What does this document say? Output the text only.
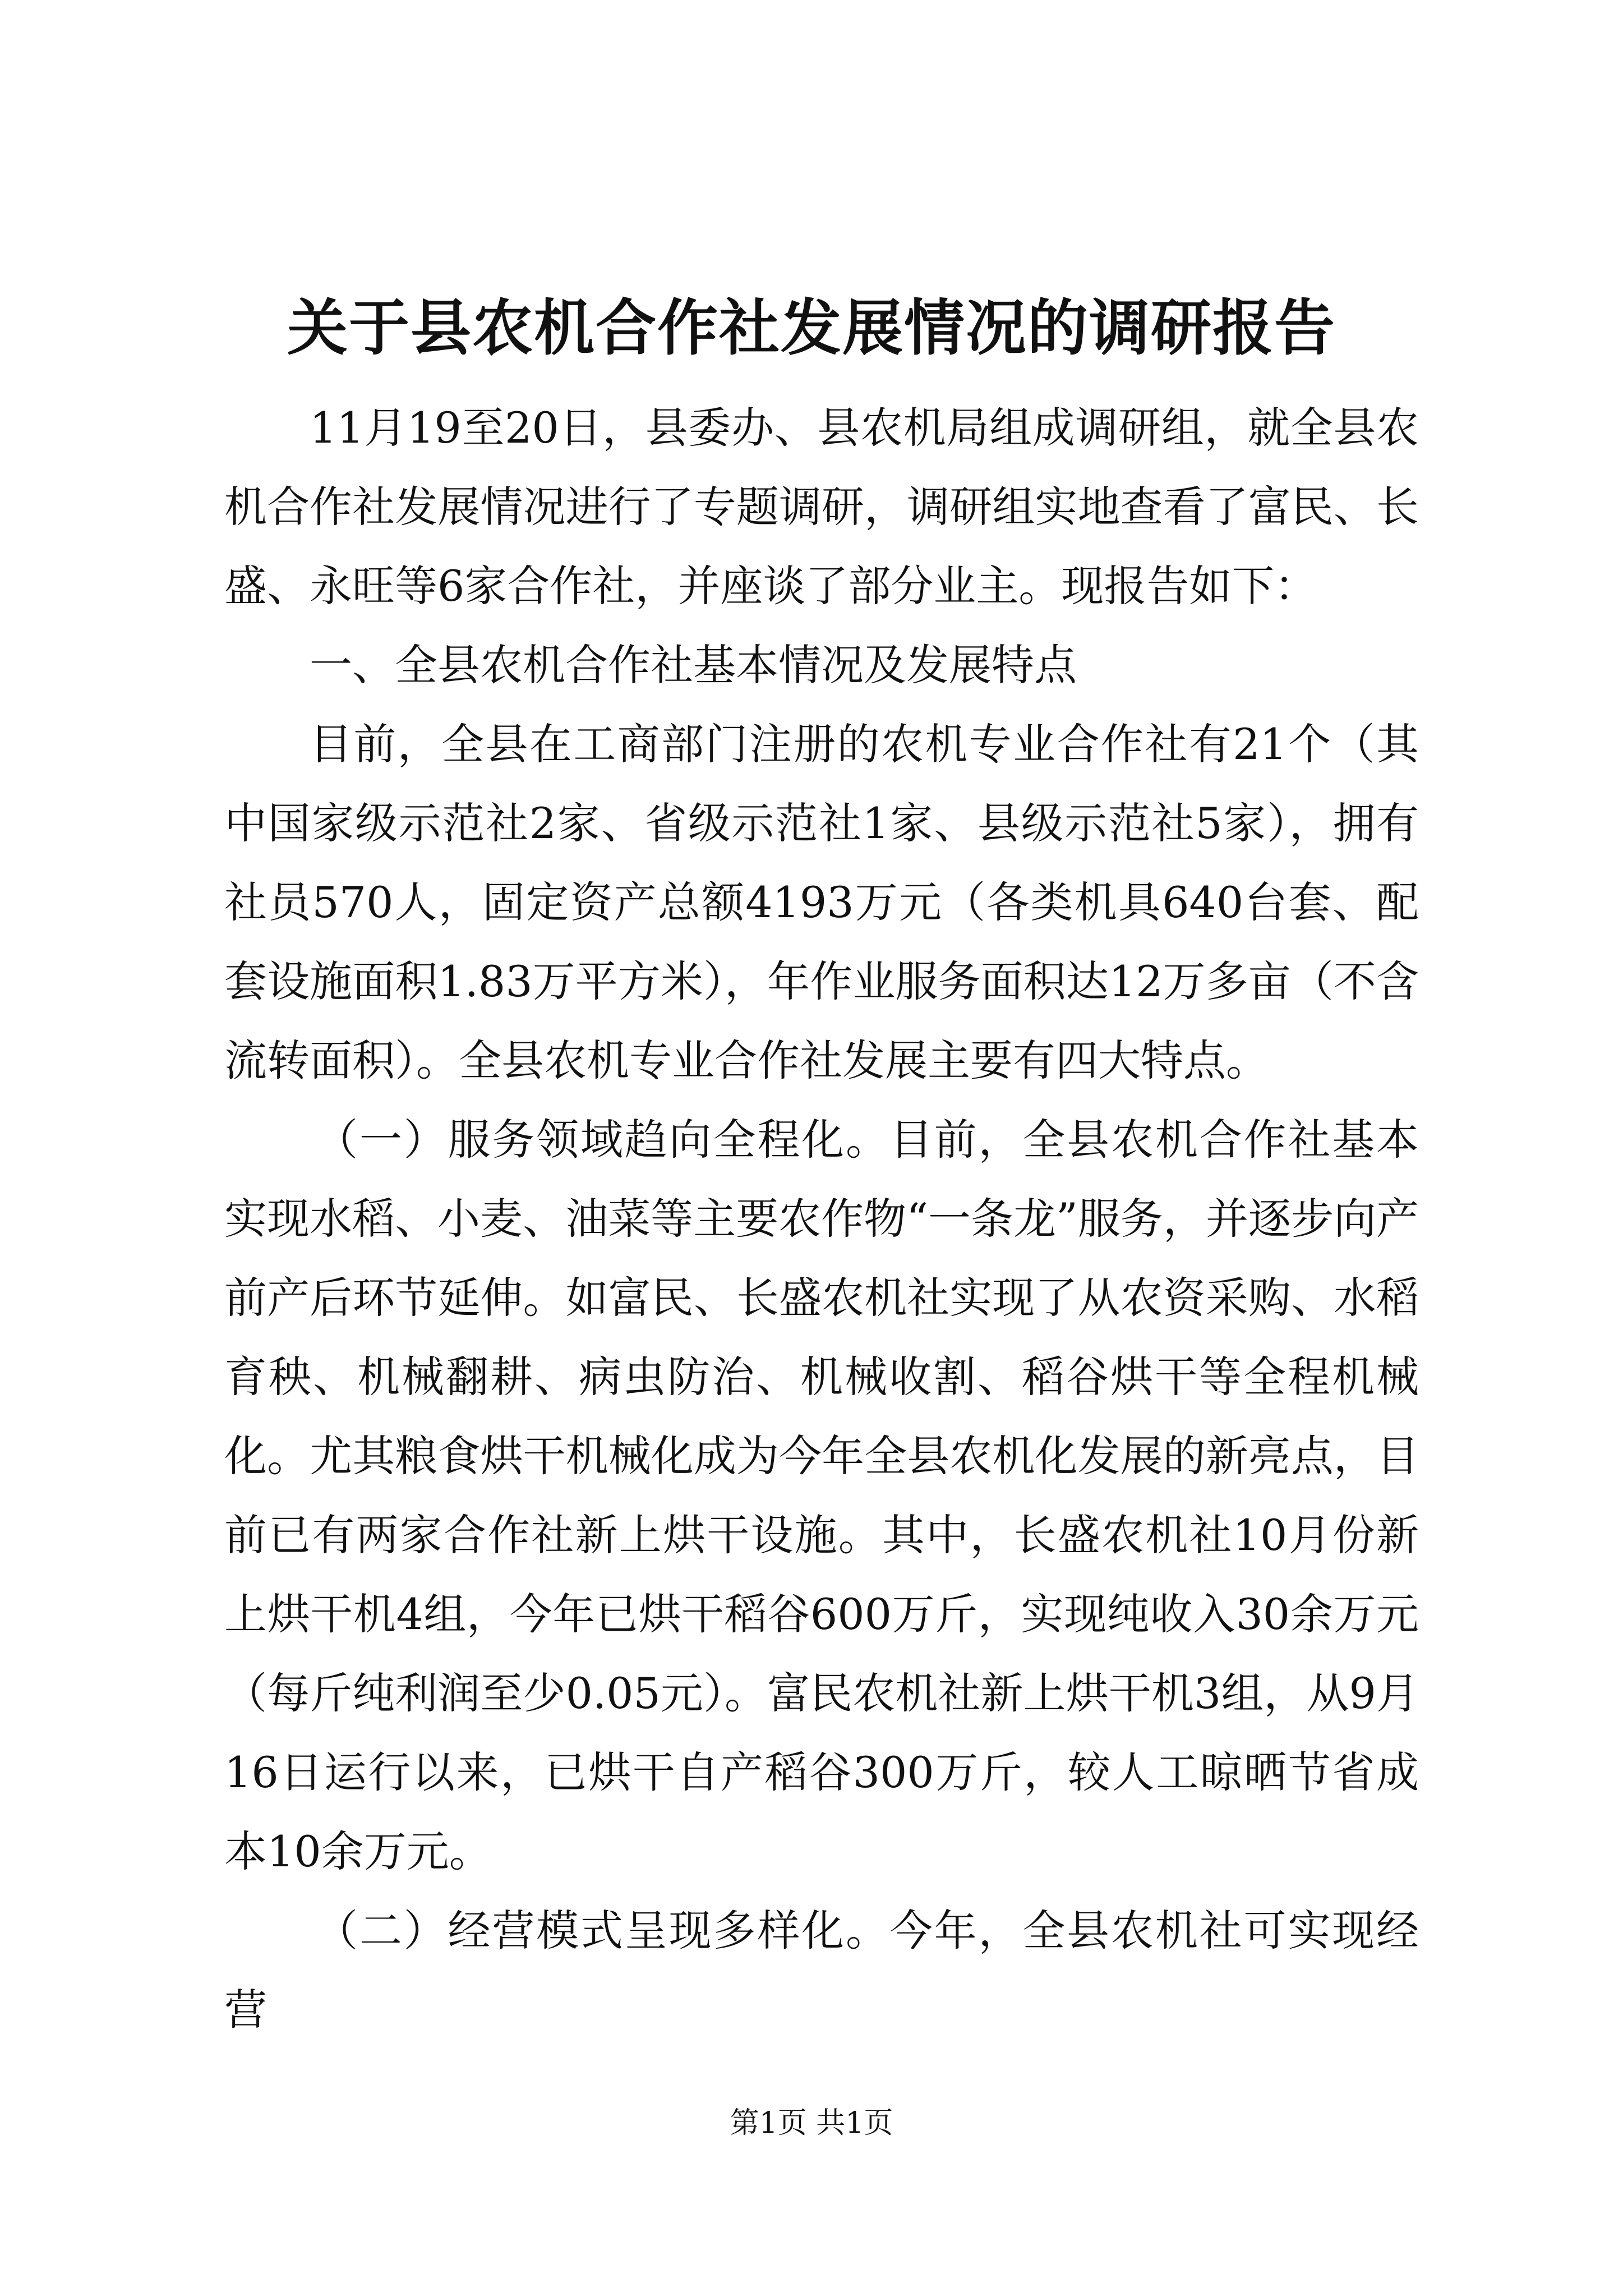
关于县农机合作社发展情况的调研报告

11月19至20日，县委办、县农机局组成调研组，就全县农机合作社发展情况进行了专题调研，调研组实地查看了富民、长盛、永旺等6家合作社，并座谈了部分业主。现报告如下：

一、全县农机合作社基本情况及发展特点

目前，全县在工商部门注册的农机专业合作社有21个（其中国家级示范社2家、省级示范社1家、县级示范社5家），拥有社员570人，固定资产总额4193万元（各类机具640台套、配套设施面积1.83万平方米），年作业服务面积达12万多亩（不含流转面积）。全县农机专业合作社发展主要有四大特点。

（一）服务领域趋向全程化。目前，全县农机合作社基本实现水稻、小麦、油菜等主要农作物“一条龙”服务，并逐步向产前产后环节延伸。如富民、长盛农机社实现了从农资采购、水稻育秧、机械翻耕、病虫防治、机械收割、稻谷烘干等全程机械化。尤其粮食烘干机械化成为今年全县农机化发展的新亮点，目前已有两家合作社新上烘干设施。其中，长盛农机社10月份新上烘干机4组，今年已烘干稻谷600万斤，实现纯收入30余万元（每斤纯利润至少0.05元）。富民农机社新上烘干机3组，从9月16日运行以来，已烘干自产稻谷300万斤，较人工晾晒节省成本10余万元。

（二）经营模式呈现多样化。今年，全县农机社可实现经营

第1页 共1页
